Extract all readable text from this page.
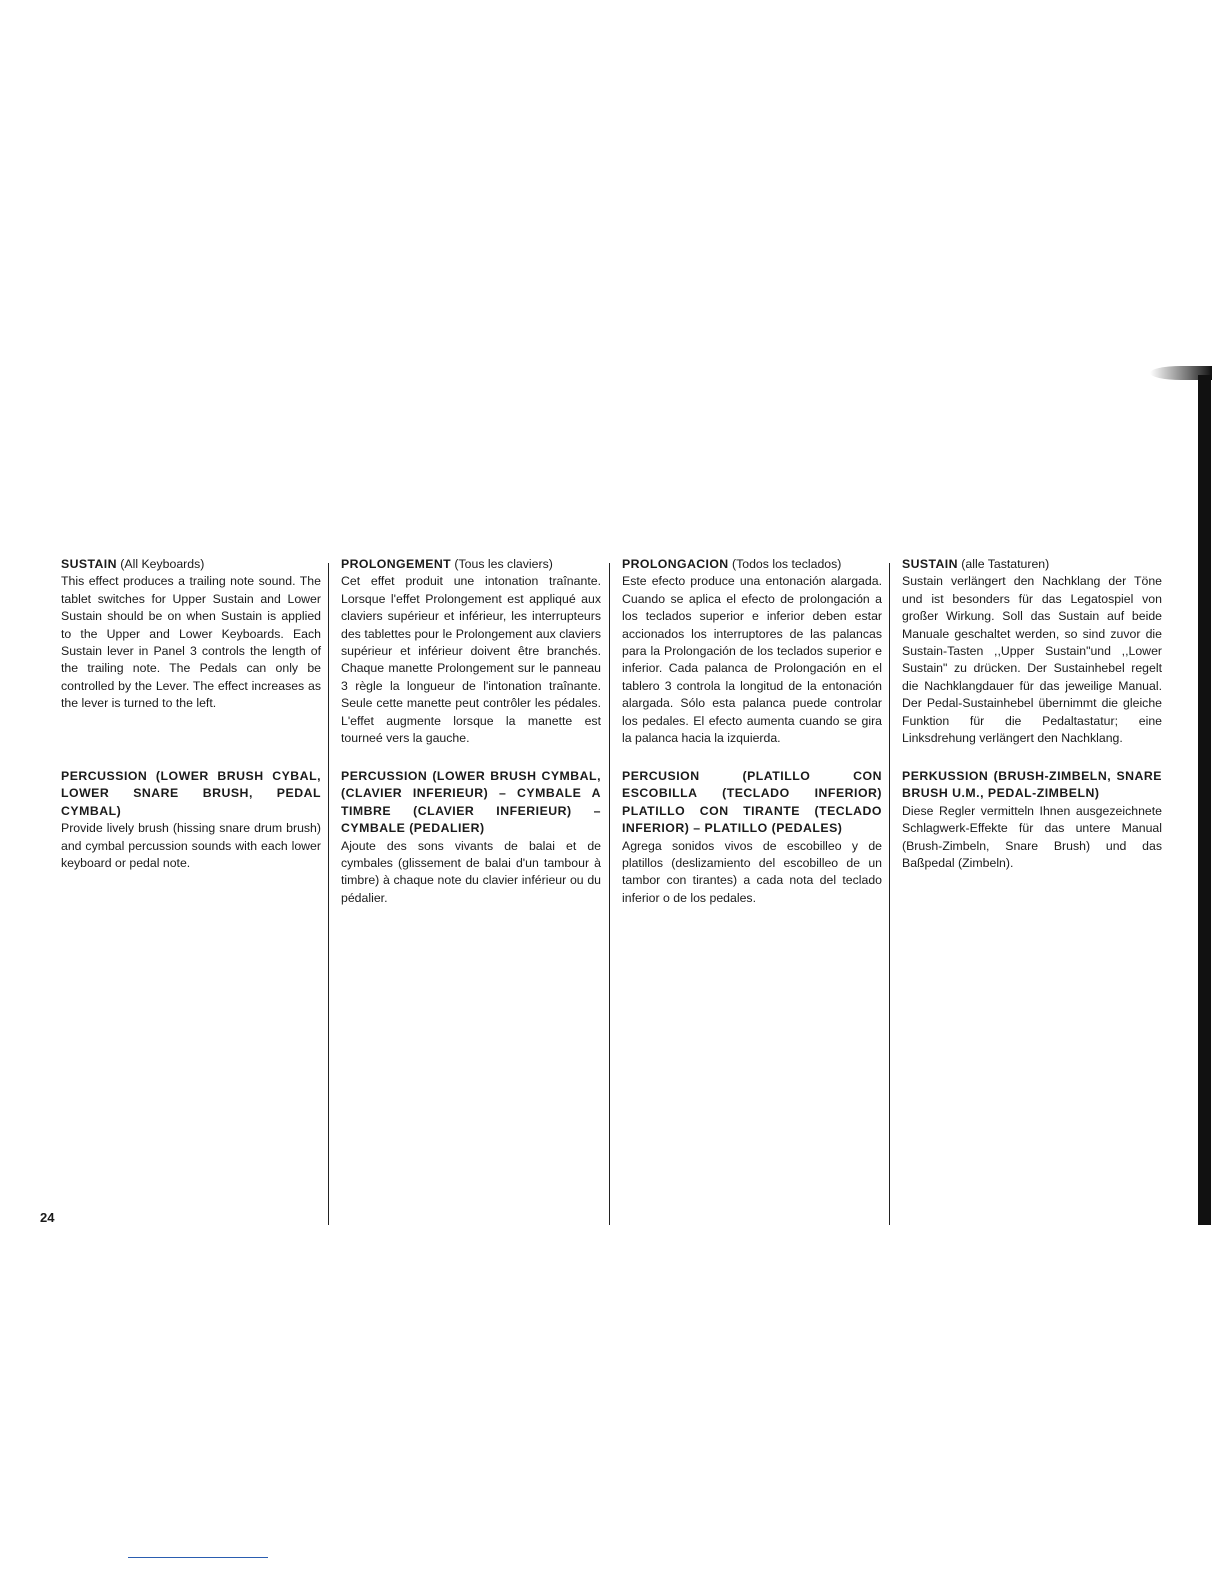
SUSTAIN (All Keyboards)

This effect produces a trailing note sound. The tablet switches for Upper Sustain and Lower Sustain should be on when Sustain is applied to the Upper and Lower Keyboards. Each Sustain lever in Panel 3 controls the length of the trailing note. The Pedals can only be controlled by the Lever. The effect increases as the lever is turned to the left.

PERCUSSION (LOWER BRUSH CYBAL, LOWER SNARE BRUSH, PEDAL CYMBAL)

Provide lively brush (hissing snare drum brush) and cymbal percussion sounds with each lower keyboard or pedal note.

PROLONGEMENT (Tous les claviers)

Cet effet produit une intonation traînante. Lorsque l'effet Prolongement est appliqué aux claviers supérieur et inférieur, les interrupteurs des tablettes pour le Prolongement aux claviers supérieur et inférieur doivent être branchés. Chaque manette Prolongement sur le panneau 3 règle la longueur de l'intonation traînante. Seule cette manette peut contrôler les pédales. L'effet augmente lorsque la manette est tourneé vers la gauche.

PERCUSSION (LOWER BRUSH CYMBAL, (CLAVIER INFERIEUR) – CYMBALE A TIMBRE (CLAVIER INFERIEUR) – CYMBALE (PEDALIER)

Ajoute des sons vivants de balai et de cymbales (glissement de balai d'un tambour à timbre) à chaque note du clavier inférieur ou du pédalier.

PROLONGACION (Todos los teclados)

Este efecto produce una entonación alargada. Cuando se aplica el efecto de prolongación a los teclados superior e inferior deben estar accionados los interruptores de las palancas para la Prolongación de los teclados superior e inferior. Cada palanca de Prolongación en el tablero 3 controla la longitud de la entonación alargada. Sólo esta palanca puede controlar los pedales. El efecto aumenta cuando se gira la palanca hacia la izquierda.

PERCUSION (PLATILLO CON ESCOBILLA (TECLADO INFERIOR) PLATILLO CON TIRANTE (TECLADO INFERIOR) – PLATILLO (PEDALES)

Agrega sonidos vivos de escobilleo y de platillos (deslizamiento del escobilleo de un tambor con tirantes) a cada nota del teclado inferior o de los pedales.

SUSTAIN (alle Tastaturen)

Sustain verlängert den Nachklang der Töne und ist besonders für das Legatospiel von großer Wirkung. Soll das Sustain auf beide Manuale geschaltet werden, so sind zuvor die Sustain-Tasten ,,Upper Sustain"und ,,Lower Sustain" zu drücken. Der Sustainhebel regelt die Nachklangdauer für das jeweilige Manual. Der Pedal-Sustainhebel übernimmt die gleiche Funktion für die Pedaltastatur; eine Linksdrehung verlängert den Nachklang.

PERKUSSION (BRUSH-ZIMBELN, SNARE BRUSH U.M., PEDAL-ZIMBELN)

Diese Regler vermitteln Ihnen ausgezeichnete Schlagwerk-Effekte für das untere Manual (Brush-Zimbeln, Snare Brush) und das Baßpedal (Zimbeln).

24
